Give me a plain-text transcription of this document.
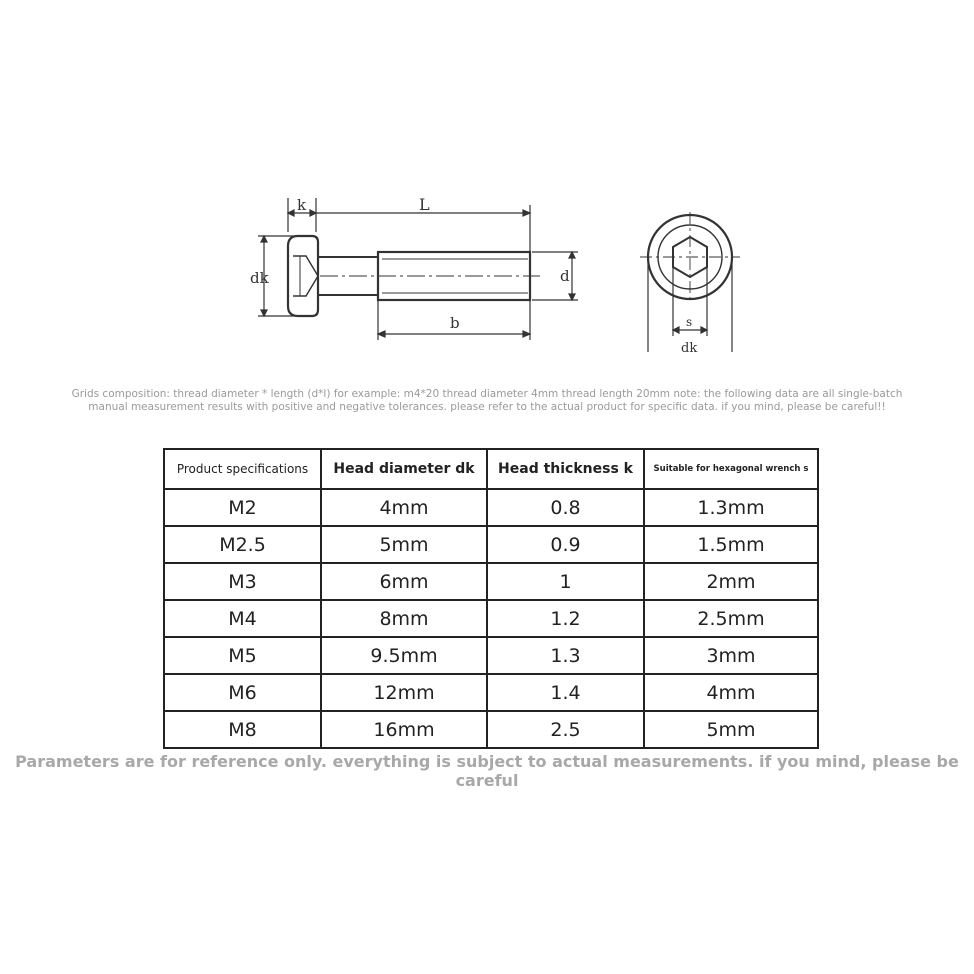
k	L
dk	d
b	s
dk
Grids composition: thread diameter * length (d*l) for example: m4*20 thread diameter 4mm thread length 20mm note: the following data are all single-batch
manual measurement results with positive and negative tolerances. please refer to the actual product for specific data. if you mind, please be careful!!
Product specifications	Head diameter dk	Head thickness k	Suitable for hexagonal wrench s
M2	4mm	0.8	1.3mm
M2.5	5mm	0.9	1.5mm
M3	6mm	1	2mm
M4	8mm	1.2	2.5mm
M5	9.5mm	1.3	3mm
M6	12mm	1.4	4mm
M8	16mm	2.5	5mm
Parameters are for reference only. everything is subject to actual measurements. if you mind, please be careful
